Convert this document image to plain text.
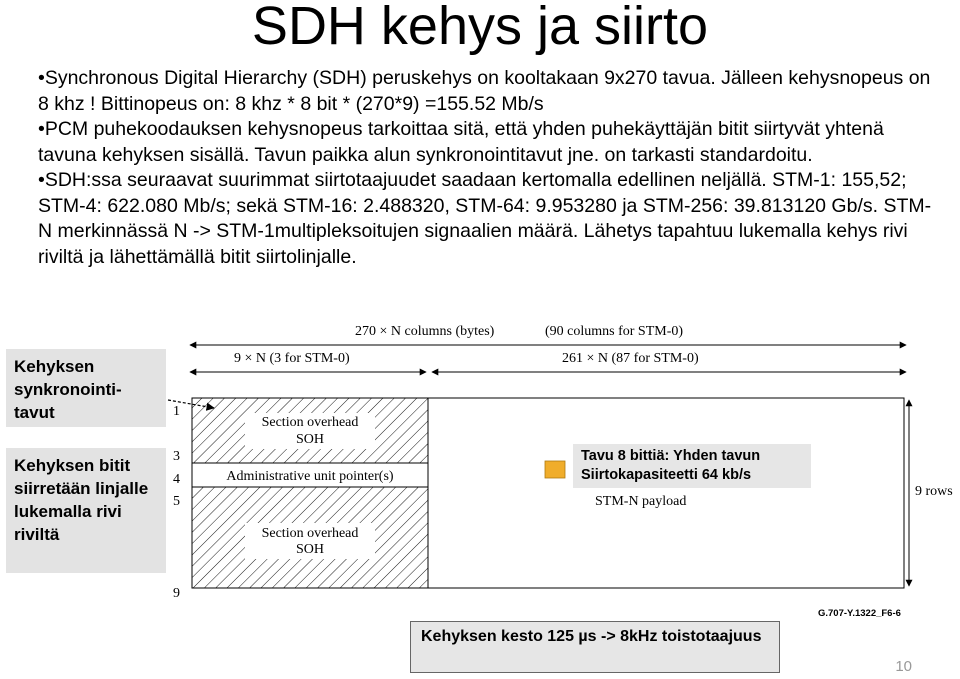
SDH kehys ja siirto

•Synchronous Digital Hierarchy (SDH) peruskehys on kooltakaan 9x270 tavua. Jälleen kehysnopeus on 8 khz ! Bittinopeus on: 8 khz * 8 bit * (270*9) =155.52 Mb/s

•PCM puhekoodauksen kehysnopeus tarkoittaa sitä, että yhden puhekäyttäjän bitit siirtyvät yhtenä tavuna kehyksen sisällä. Tavun paikka alun synkronointitavut jne. on tarkasti standardoitu.

•SDH:ssa seuraavat suurimmat siirtotaajuudet saadaan kertomalla edellinen neljällä. STM-1: 155,52; STM-4: 622.080 Mb/s; sekä STM-16: 2.488320, STM-64: 9.953280 ja STM-256: 39.813120 Gb/s. STM-N merkinnässä N -> STM-1multipleksoitujen signaalien määrä. Lähetys tapahtuu lukemalla kehys rivi riviltä ja lähettämällä bitit siirtolinjalle.

270 × N columns (bytes)	(90 columns for STM-0)
9 × N (3 for STM-0)	261 × N (87 for STM-0)
Section overhead
SOH
Administrative unit pointer(s)
Section overhead
SOH
1
3
4
5
9
9 rows
STM-N payload
G.707-Y.1322_F6-6
Kehyksen synkronointi-tavut
Kehyksen bitit siirretään linjalle lukemalla rivi riviltä
Tavu 8 bittiä: Yhden tavun Siirtokapasiteetti 64 kb/s
Kehyksen kesto 125 µs -> 8kHz toistotaajuus
10
